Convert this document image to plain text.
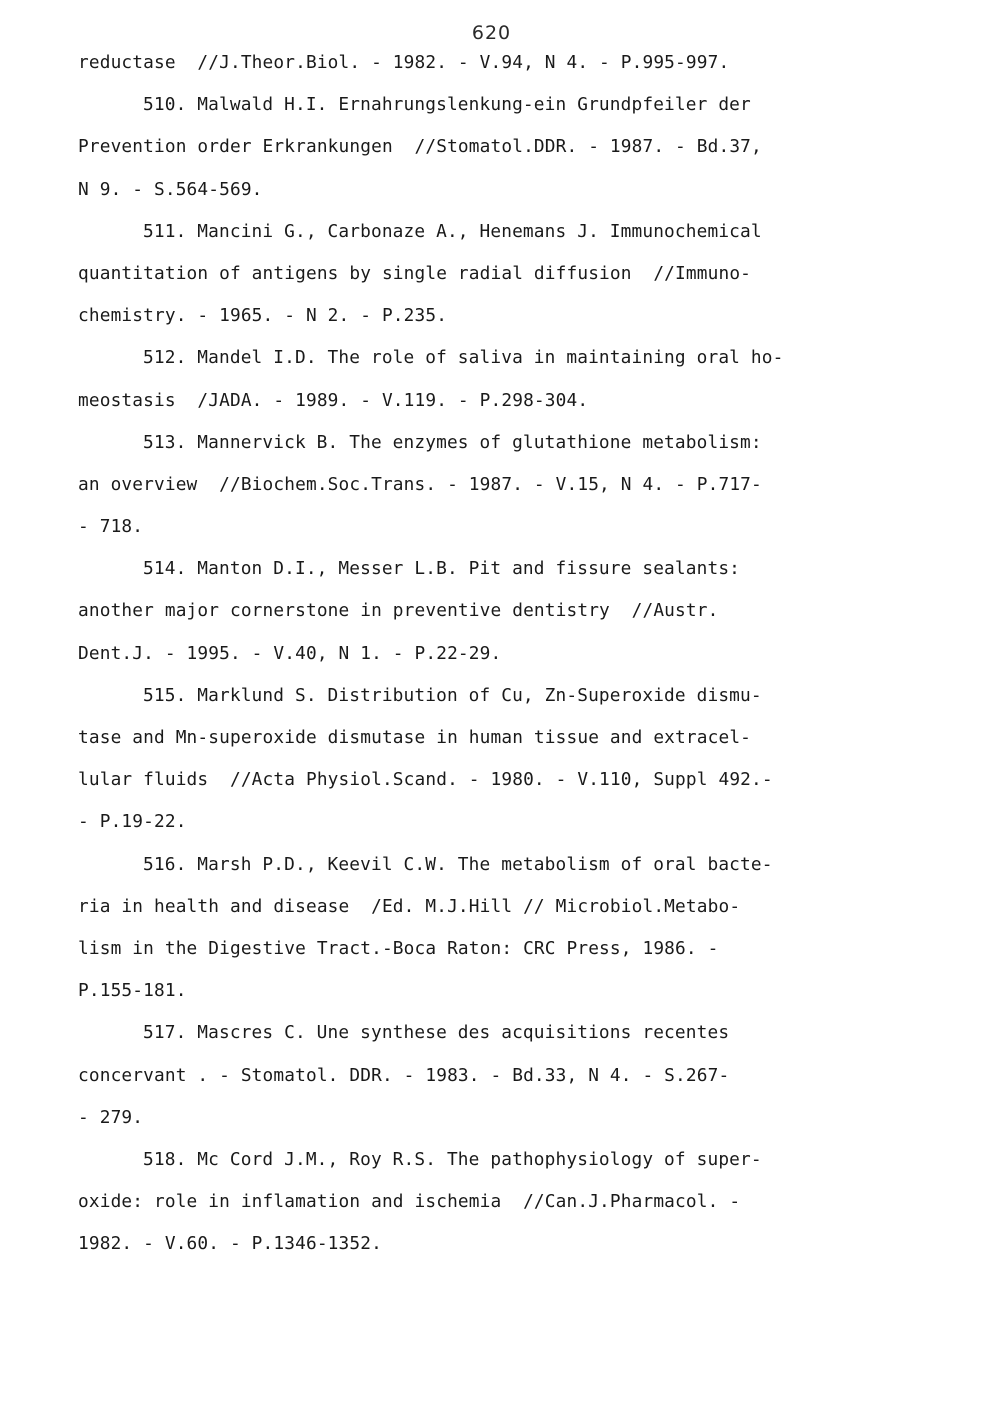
620
reductase  //J.Theor.Biol. - 1982. - V.94, N 4. - P.995-997.
510. Malwald H.I. Ernahrungslenkung-ein Grundpfeiler der
Prevention order Erkrankungen  //Stomatol.DDR. - 1987. - Bd.37,
N 9. - S.564-569.
511. Mancini G., Carbonaze A., Henemans J. Immunochemical
quantitation of antigens by single radial diffusion  //Immuno-
chemistry. - 1965. - N 2. - P.235.
512. Mandel I.D. The role of saliva in maintaining oral ho-
meostasis  /JADA. - 1989. - V.119. - P.298-304.
513. Mannervick B. The enzymes of glutathione metabolism:
an overview  //Biochem.Soc.Trans. - 1987. - V.15, N 4. - P.717-
- 718.
514. Manton D.I., Messer L.B. Pit and fissure sealants:
another major cornerstone in preventive dentistry  //Austr.
Dent.J. - 1995. - V.40, N 1. - P.22-29.
515. Marklund S. Distribution of Cu, Zn-Superoxide dismu-
tase and Mn-superoxide dismutase in human tissue and extracel-
lular fluids  //Acta Physiol.Scand. - 1980. - V.110, Suppl 492.-
- P.19-22.
516. Marsh P.D., Keevil C.W. The metabolism of oral bacte-
ria in health and disease  /Ed. M.J.Hill // Microbiol.Metabo-
lism in the Digestive Tract.-Boca Raton: CRC Press, 1986. -
P.155-181.
517. Mascres C. Une synthese des acquisitions recentes
concervant . - Stomatol. DDR. - 1983. - Bd.33, N 4. - S.267-
- 279.
518. Mc Cord J.M., Roy R.S. The pathophysiology of super-
oxide: role in inflamation and ischemia  //Can.J.Pharmacol. -
1982. - V.60. - P.1346-1352.
